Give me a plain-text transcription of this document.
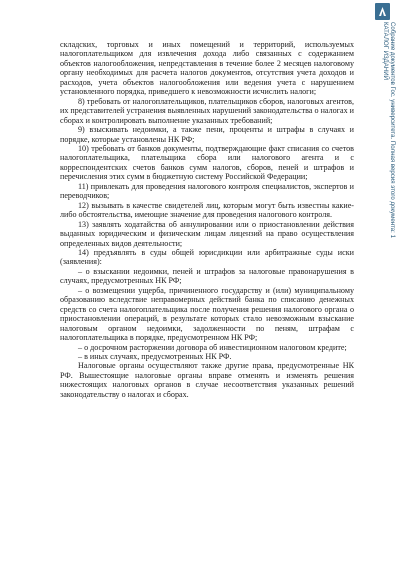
складских, торговых и иных помещений и территорий, используемых налогоплательщиком для извлечения дохода либо связанных с содержанием объектов налогообложения, непредставления в течение более 2 месяцев налоговому органу необходимых для расчета налогов документов, отсутствия учета доходов и расходов, учета объектов налогообложения или ведения учета с нарушением установленного порядка, приведшего к невозможности исчислить налоги;

8) требовать от налогоплательщиков, плательщиков сборов, налоговых агентов, их представителей устранения выявленных нарушений законодательства о налогах и сборах и контролировать выполнение указанных требований;

9) взыскивать недоимки, а также пени, проценты и штрафы в случаях и порядке, которые установлены НК РФ;

10) требовать от банков документы, подтверждающие факт списания со счетов налогоплательщика, плательщика сбора или налогового агента и с корреспондентских счетов банков сумм налогов, сборов, пеней и штрафов и перечисления этих сумм в бюджетную систему Российской Федерации;

11) привлекать для проведения налогового контроля специалистов, экспертов и переводчиков;

12) вызывать в качестве свидетелей лиц, которым могут быть известны какие-либо обстоятельства, имеющие значение для проведения налогового контроля.

13) заявлять ходатайства об аннулировании или о приостановлении действия выданных юридическим и физическим лицам лицензий на право осуществления определенных видов деятельности;

14) предъявлять в суды общей юрисдикции или арбитражные суды иски (заявления):

– о взыскании недоимки, пеней и штрафов за налоговые правонарушения в случаях, предусмотренных НК РФ;

– о возмещении ущерба, причиненного государству и (или) муниципальному образованию вследствие неправомерных действий банка по списанию денежных средств со счета налогоплательщика после получения решения налогового органа о приостановлении операций, в результате которых стало невозможным взыскание налоговым органом недоимки, задолженности по пеням, штрафам с налогоплательщика в порядке, предусмотренном НК РФ;

– о досрочном расторжении договора об инвестиционном налоговом кредите;

– в иных случаях, предусмотренных НК РФ.

Налоговые органы осуществляют также другие права, предусмотренные НК РФ. Вышестоящие налоговые органы вправе отменять и изменять решения нижестоящих налоговых органов в случае несоответствия указанных решений законодательству о налогах и сборах.

Собрание документов Гос. университета. Полная версия этого документа: 1
КАТАЛОГ ИЗДАНИЙ
